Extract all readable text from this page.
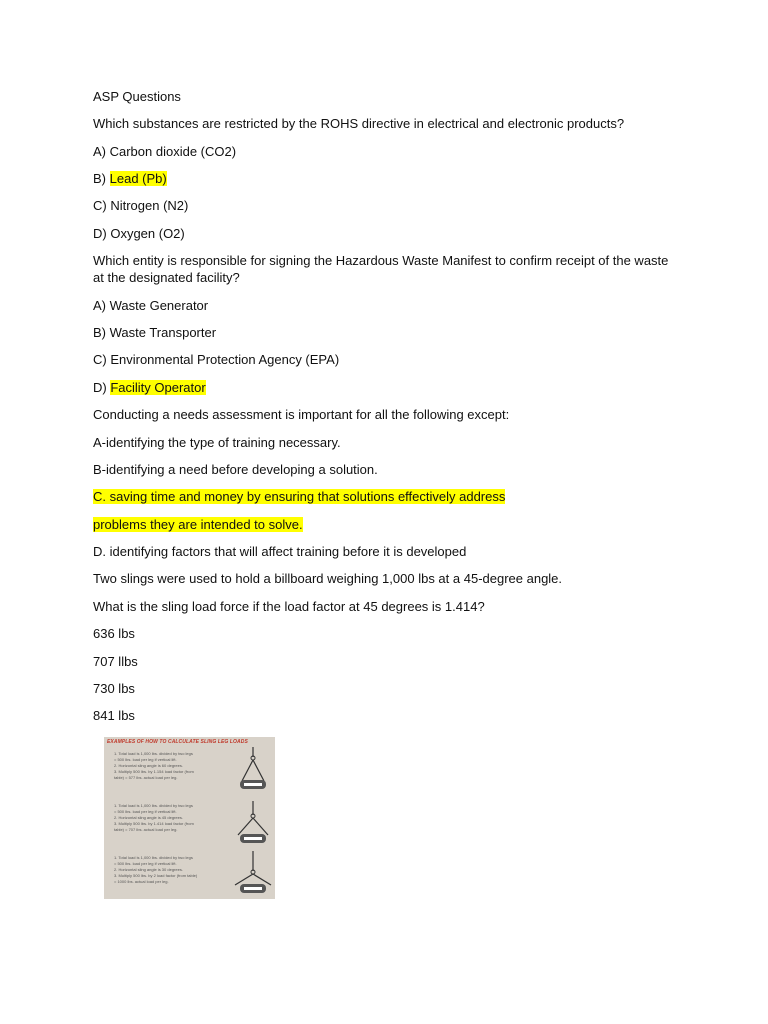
ASP Questions

Which substances are restricted by the ROHS directive in electrical and electronic products?

A) Carbon dioxide (CO2)

B) Lead (Pb)

C) Nitrogen (N2)

D) Oxygen (O2)

Which entity is responsible for signing the Hazardous Waste Manifest to confirm receipt of the waste

at the designated facility?

A) Waste Generator

B) Waste Transporter

C) Environmental Protection Agency (EPA)

D) Facility Operator

Conducting a needs assessment is important for all the following except:

A-identifying the type of training necessary.

B-identifying a need before developing a solution.

C. saving time and money by ensuring that solutions effectively address

problems they are intended to solve.

D. identifying factors that will affect training before it is developed

Two slings were used to hold a billboard weighing 1,000 lbs at a 45-degree angle.

What is the sling load force if the load factor at 45 degrees is 1.414?

636 lbs

707 llbs

730 lbs

841 lbs

EXAMPLES OF HOW TO CALCULATE SLING LEG LOADS
1. Total load is 1,000 lbs. divided by two legs
= 500 lbs. load per leg if vertical lift.
2. Horizontal sling angle is 60 degrees.
3. Multiply 500 lbs. by 1.154 load factor (from
table) = 577 lbs. actual load per leg.
1. Total load is 1,000 lbs. divided by two legs
= 500 lbs. load per leg if vertical lift.
2. Horizontal sling angle is 45 degrees.
3. Multiply 500 lbs. by 1.414 load factor (from
table) = 707 lbs. actual load per leg.
1. Total load is 1,000 lbs. divided by two legs
= 500 lbs. load per leg if vertical lift.
2. Horizontal sling angle is 30 degrees.
3. Multiply 500 lbs. by 2 load factor (from table)
= 1000 lbs. actual load per leg.
